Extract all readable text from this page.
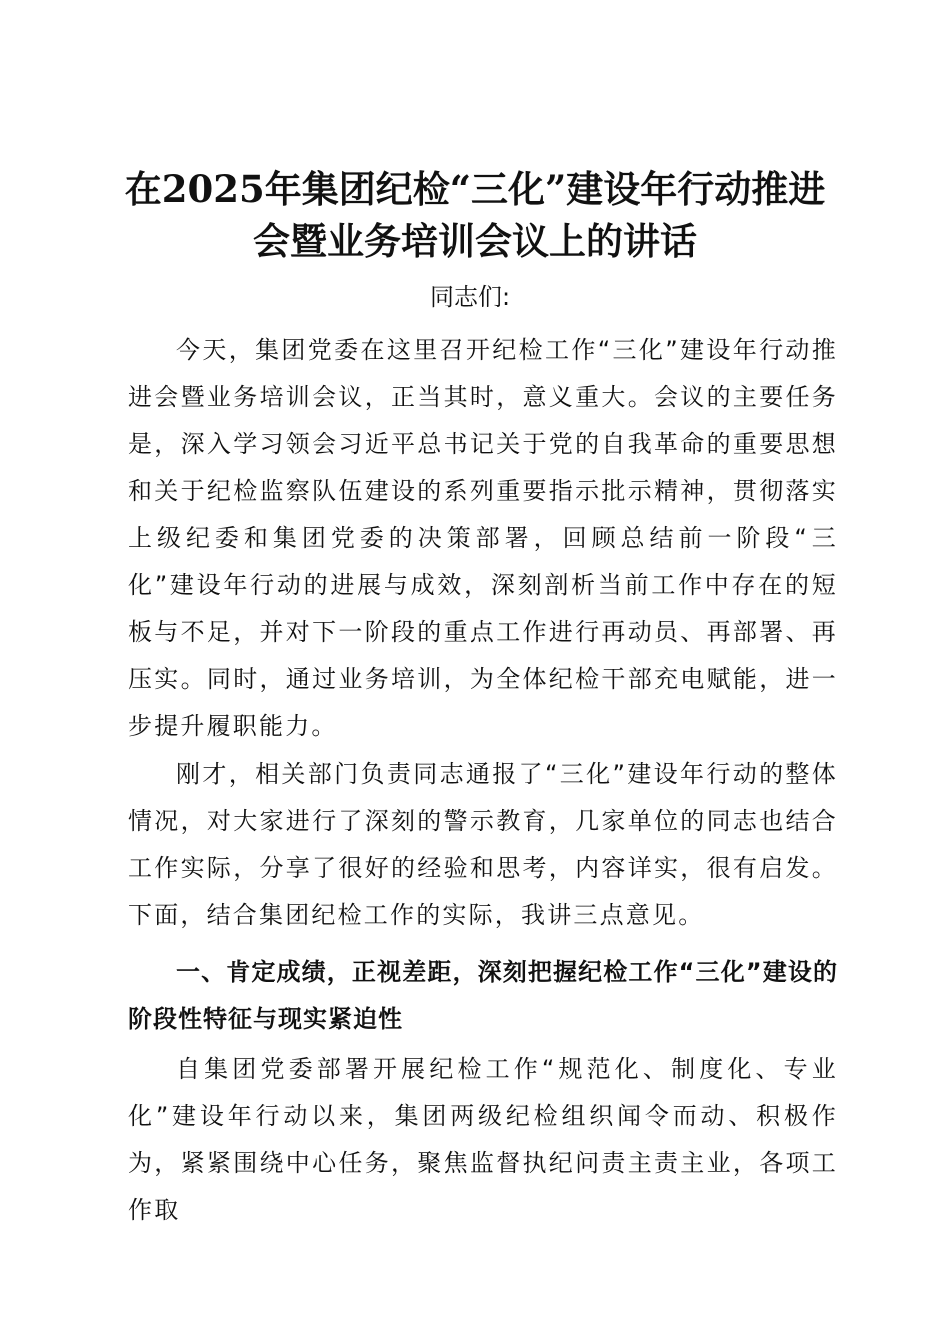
在2025年集团纪检“三化”建设年行动推进
会暨业务培训会议上的讲话

同志们:

今天，集团党委在这里召开纪检工作“三化”建设年行动推进会暨业务培训会议，正当其时，意义重大。会议的主要任务是，深入学习领会习近平总书记关于党的自我革命的重要思想和关于纪检监察队伍建设的系列重要指示批示精神，贯彻落实上级纪委和集团党委的决策部署，回顾总结前一阶段“三化”建设年行动的进展与成效，深刻剖析当前工作中存在的短板与不足，并对下一阶段的重点工作进行再动员、再部署、再压实。同时，通过业务培训，为全体纪检干部充电赋能，进一步提升履职能力。

刚才，相关部门负责同志通报了“三化”建设年行动的整体情况，对大家进行了深刻的警示教育，几家单位的同志也结合工作实际，分享了很好的经验和思考，内容详实，很有启发。下面，结合集团纪检工作的实际，我讲三点意见。

一、肯定成绩，正视差距，深刻把握纪检工作“三化”建设的阶段性特征与现实紧迫性

自集团党委部署开展纪检工作“规范化、制度化、专业化”建设年行动以来，集团两级纪检组织闻令而动、积极作为，紧紧围绕中心任务，聚焦监督执纪问责主责主业，各项工作取
